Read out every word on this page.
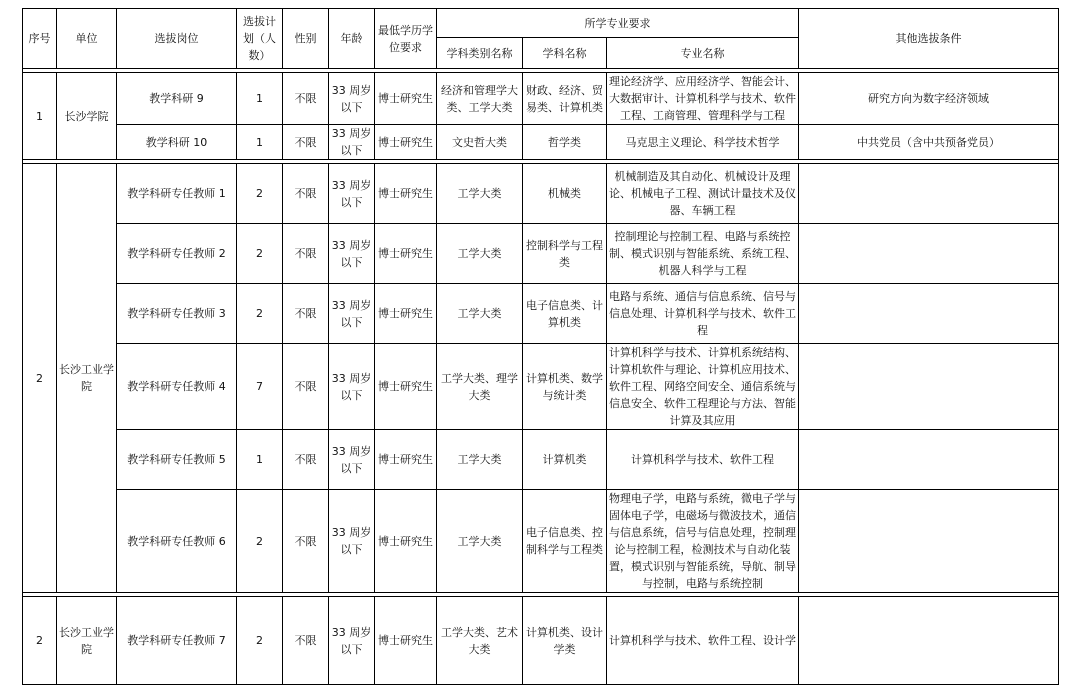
序号	单位	选拔岗位	选拔计划（人数）	性别	年龄	最低学历学位要求	所学专业要求			其他选拔条件
							学科类别名称	学科名称	专业名称	

1	长沙学院	教学科研 9	1	不限	33 周岁以下	博士研究生	经济和管理学大类、工学大类	财政、经济、贸易类、计算机类	理论经济学、应用经济学、智能会计、大数据审计、计算机科学与技术、软件工程、工商管理、管理科学与工程	研究方向为数字经济领域
		教学科研 10	1	不限	33 周岁以下	博士研究生	文史哲大类	哲学类	马克思主义理论、科学技术哲学	中共党员（含中共预备党员）

2	长沙工业学院	教学科研专任教师 1	2	不限	33 周岁以下	博士研究生	工学大类	机械类	机械制造及其自动化、机械设计及理论、机械电子工程、测试计量技术及仪器、车辆工程	
		教学科研专任教师 2	2	不限	33 周岁以下	博士研究生	工学大类	控制科学与工程类	控制理论与控制工程、电路与系统控制、模式识别与智能系统、系统工程、机器人科学与工程	
		教学科研专任教师 3	2	不限	33 周岁以下	博士研究生	工学大类	电子信息类、计算机类	电路与系统、通信与信息系统、信号与信息处理、计算机科学与技术、软件工程	
		教学科研专任教师 4	7	不限	33 周岁以下	博士研究生	工学大类、理学大类	计算机类、数学与统计类	计算机科学与技术、计算机系统结构、计算机软件与理论、计算机应用技术、软件工程、网络空间安全、通信系统与信息安全、软件工程理论与方法、智能计算及其应用	
		教学科研专任教师 5	1	不限	33 周岁以下	博士研究生	工学大类	计算机类	计算机科学与技术、软件工程	
		教学科研专任教师 6	2	不限	33 周岁以下	博士研究生	工学大类	电子信息类、控制科学与工程类	物理电子学，电路与系统，微电子学与固体电子学，电磁场与微波技术，通信与信息系统，信号与信息处理，控制理论与控制工程，检测技术与自动化装置，模式识别与智能系统，导航、制导与控制，电路与系统控制	

2	长沙工业学院	教学科研专任教师 7	2	不限	33 周岁以下	博士研究生	工学大类、艺术大类	计算机类、设计学类	计算机科学与技术、软件工程、设计学	
